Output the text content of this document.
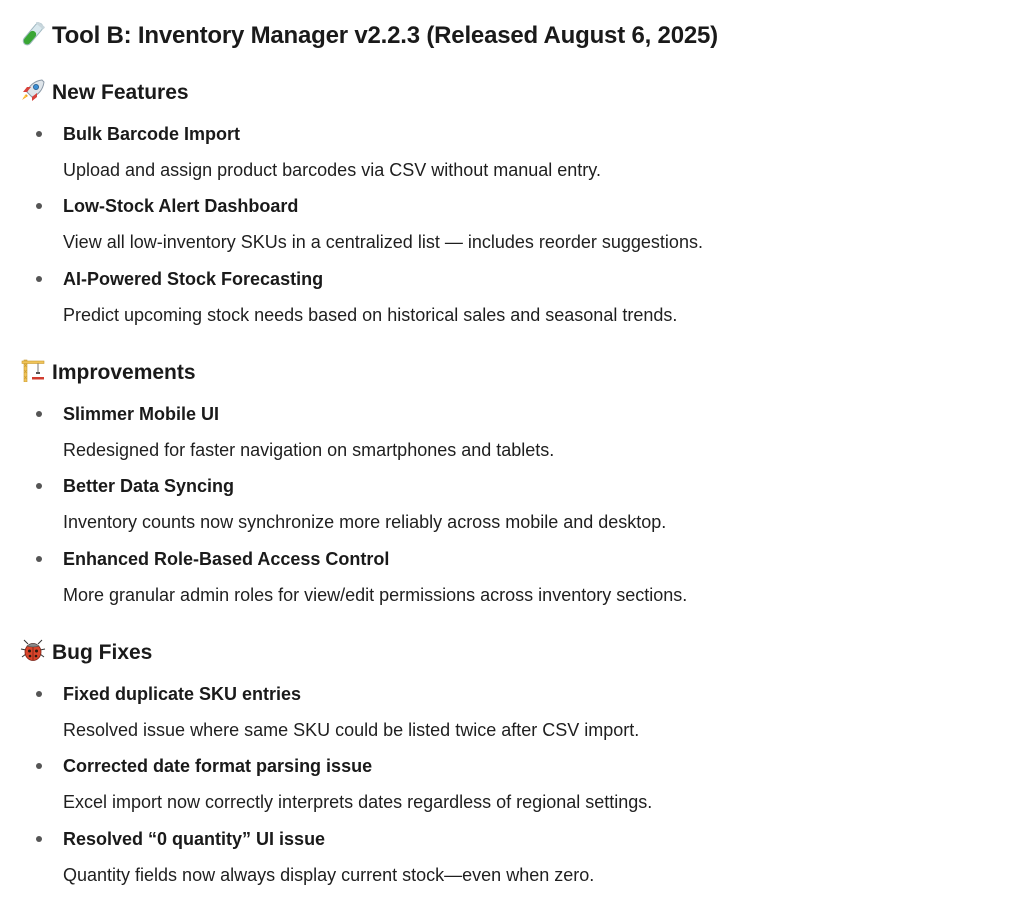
Tool B: Inventory Manager v2.2.3 (Released August 6, 2025)
New Features
Bulk Barcode Import
Upload and assign product barcodes via CSV without manual entry.
Low-Stock Alert Dashboard
View all low-inventory SKUs in a centralized list — includes reorder suggestions.
AI-Powered Stock Forecasting
Predict upcoming stock needs based on historical sales and seasonal trends.
Improvements
Slimmer Mobile UI
Redesigned for faster navigation on smartphones and tablets.
Better Data Syncing
Inventory counts now synchronize more reliably across mobile and desktop.
Enhanced Role-Based Access Control
More granular admin roles for view/edit permissions across inventory sections.
Bug Fixes
Fixed duplicate SKU entries
Resolved issue where same SKU could be listed twice after CSV import.
Corrected date format parsing issue
Excel import now correctly interprets dates regardless of regional settings.
Resolved “0 quantity” UI issue
Quantity fields now always display current stock—even when zero.
